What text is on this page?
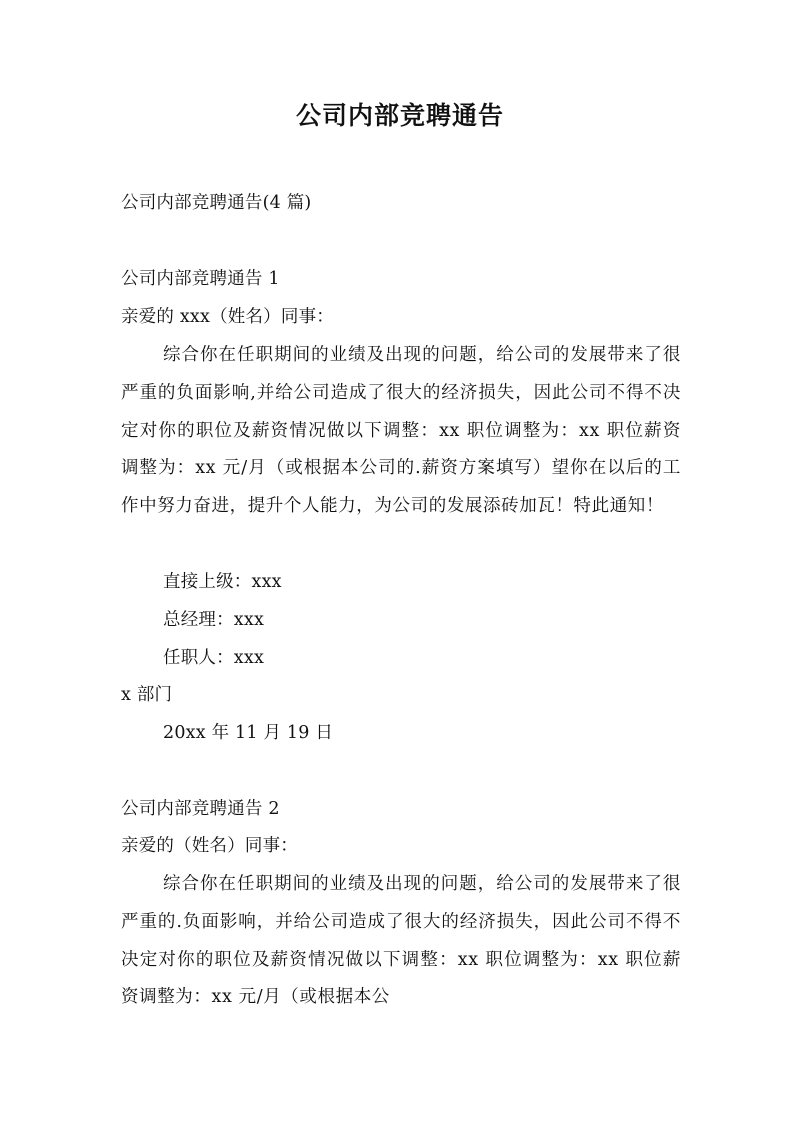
公司内部竞聘通告
公司内部竞聘通告(4 篇)
公司内部竞聘通告 1
亲爱的 xxx（姓名）同事：
综合你在任职期间的业绩及出现的问题，给公司的发展带来了很严重的负面影响,并给公司造成了很大的经济损失，因此公司不得不决定对你的职位及薪资情况做以下调整：xx 职位调整为：xx 职位薪资调整为：xx 元/月（或根据本公司的.薪资方案填写）望你在以后的工作中努力奋进，提升个人能力，为公司的发展添砖加瓦！特此通知！
直接上级：xxx
总经理：xxx
任职人：xxx
x 部门
20xx 年 11 月 19 日
公司内部竞聘通告 2
亲爱的（姓名）同事：
综合你在任职期间的业绩及出现的问题，给公司的发展带来了很严重的.负面影响，并给公司造成了很大的经济损失，因此公司不得不决定对你的职位及薪资情况做以下调整：xx 职位调整为：xx 职位薪资调整为：xx 元/月（或根据本公
